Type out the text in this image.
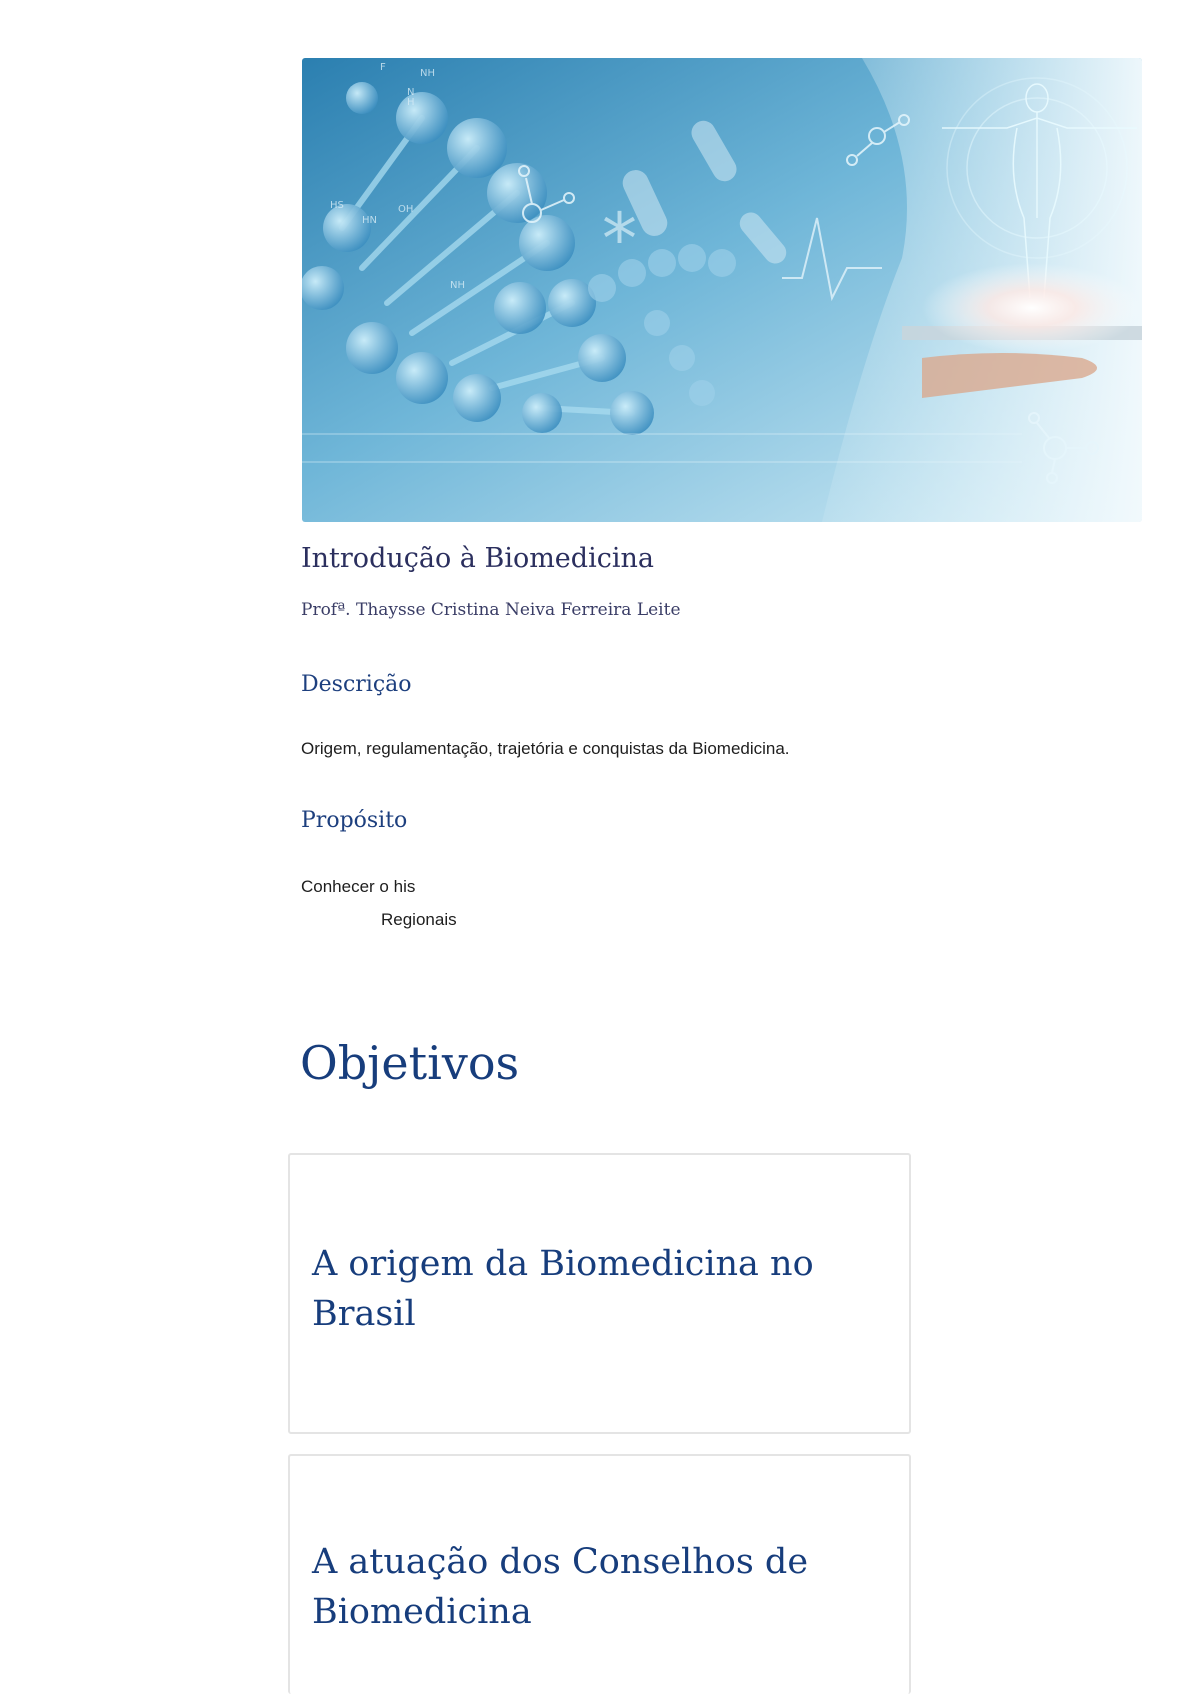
*
NH
N
H
HS
HN
OH
NH
F
Introdução à Biomedicina

Profª. Thaysse Cristina Neiva Ferreira Leite

Descrição

Origem, regulamentação, trajetória e conquistas da Biomedicina.

Propósito

Conhecer o his

Regionais

Objetivos
A origem da Biomedicina no Brasil
A atuação dos Conselhos de
Biomedicina
